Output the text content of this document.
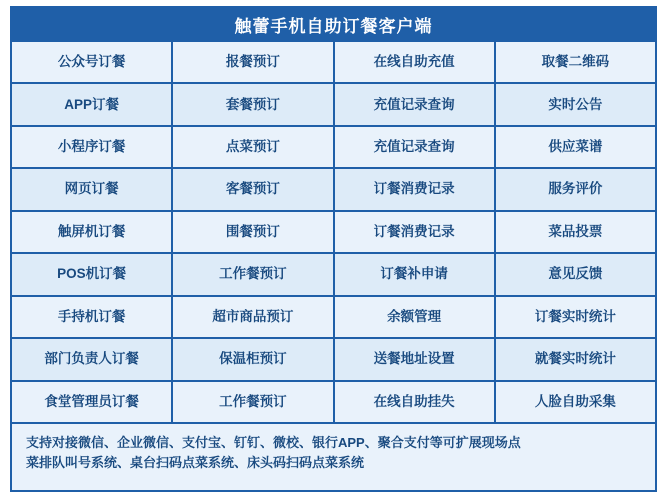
触蕾手机自助订餐客户端
公众号订餐	报餐预订	在线自助充值	取餐二维码
APP订餐	套餐预订	充值记录查询	实时公告
小程序订餐	点菜预订	充值记录查询	供应菜谱
网页订餐	客餐预订	订餐消费记录	服务评价
触屏机订餐	围餐预订	订餐消费记录	菜品投票
POS机订餐	工作餐预订	订餐补申请	意见反馈
手持机订餐	超市商品预订	余额管理	订餐实时统计
部门负责人订餐	保温柜预订	送餐地址设置	就餐实时统计
食堂管理员订餐	工作餐预订	在线自助挂失	人脸自助采集
支持对接微信、企业微信、支付宝、钉钉、微校、银行APP、聚合支付等可扩展现场点
菜排队叫号系统、桌台扫码点菜系统、床头码扫码点菜系统
